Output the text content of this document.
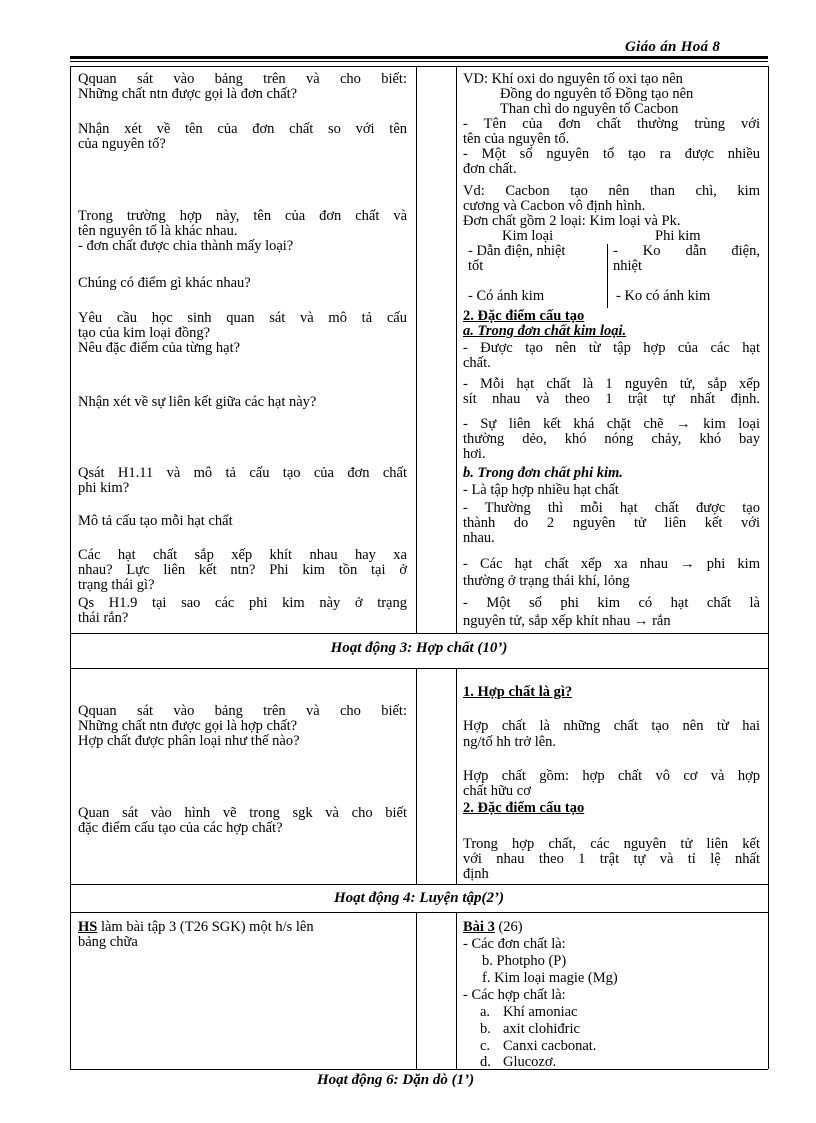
Giáo án Hoá 8
Qquan sát vào bảng trên và cho biết:
Những chất ntn được gọi là đơn chất?
Nhận xét về tên của đơn chất so với tên
của nguyên tố?
Trong trường hợp này, tên của đơn chất và
tên nguyên tố là khác nhau.
- đơn chất được chia thành mấy loại?
Chúng có điểm gì khác nhau?
Yêu cầu học sinh quan sát và mô tả cấu
tạo của kim loại đồng?
Nêu đặc điểm của từng hạt?
Nhận xét về sự liên kết giữa các hạt này?
Qsát H1.11 và mô tả cấu tạo của đơn chất
phi kim?
Mô tả cấu tạo mỗi hạt chất
Các hạt chất sắp xếp khít nhau hay xa
nhau? Lực liên kết ntn? Phi kim tồn tại ở
trạng thái gì?
Qs H1.9 tại sao các phi kim này ở trạng
thái rắn?
VD: Khí oxi do nguyên tố oxi tạo nên
Đồng do nguyên tố Đồng tạo nên
Than chì do nguyên tố Cacbon
- Tên của đơn chất thường trùng với
tên của nguyên tố.
- Một số nguyên tố tạo ra được nhiều
đơn chất.
Vd: Cacbon tạo nên than chì, kim
cương và Cacbon vô định hình.
Đơn chất gồm 2 loại: Kim loại và Pk.
Kim loại	Phi kim
- Dẫn điện, nhiệt
tốt
- Ko dẫn điện,
nhiệt
- Có ánh kim	- Ko có ánh kim
2. Đặc điểm cấu tạo
a. Trong đơn chất kim loại.
- Được tạo nên từ tập hợp của các hạt
chất.
- Mỗi hạt chất là 1 nguyên tử, sắp xếp
sít nhau và theo 1 trật tự nhất định.
- Sự liên kết khá chặt chẽ → kim loại
thường dẻo, khó nóng chảy, khó bay
hơi.
b. Trong đơn chất phi kim.
- Là tập hợp nhiều hạt chất
- Thường thì mỗi hạt chất được tạo
thành do 2 nguyên tử liên kết với
nhau.
- Các hạt chất xếp xa nhau → phi kim
thường ở trạng thái khí, lỏng
- Một số phi kim có hạt chất là
nguyên tử, sắp xếp khít nhau → rắn
Hoạt động 3: Hợp chất (10’)
Qquan sát vào bảng trên và cho biết:
Những chất ntn được gọi là hợp chất?
Hợp chất được phân loại như thế nào?
Quan sát vào hình vẽ trong sgk và cho biết
đặc điểm cấu tạo của các hợp chất?
1. Hợp chất là gì?
Hợp chất là những chất tạo nên từ hai
ng/tố hh trở lên.
Hợp chất gồm: hợp chất vô cơ và hợp
chất hữu cơ
2. Đặc điểm cấu tạo
Trong hợp chất, các nguyên tử liên kết
với nhau theo 1 trật tự và tỉ lệ nhất
định
Hoạt động 4: Luyện tập(2’)
HS làm bài tập 3 (T26 SGK) một h/s lên
bảng chữa
Bài 3 (26)
- Các đơn chất là:
b. Photpho (P)
f. Kim loại magie (Mg)
- Các hợp chất là:
a. Khí amoniac
b. axit clohiđric
c. Canxi cacbonat.
d. Glucozơ.
Hoạt động 6: Dặn dò (1’)
